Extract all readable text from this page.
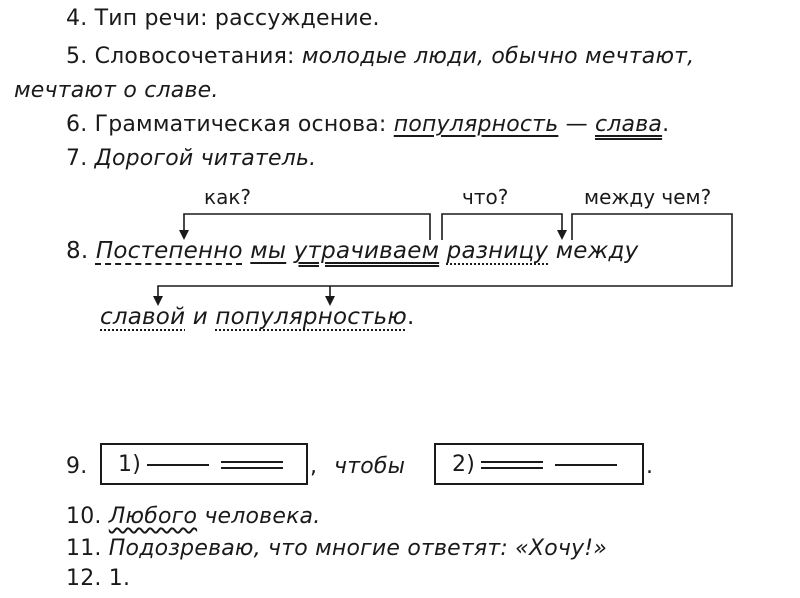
4. Тип речи: рассуждение.
5. Словосочетания: молодые люди, обычно мечтают,
мечтают о славе.
6. Грамматическая основа: популярность — слава.
7. Дорогой читатель.
как?	что?	между чем?
8. Постепенно мы утрачиваем разницу между
славой и популярностью.
9. 1)	, чтобы 2)	.
10. Любого человека.
11. Подозреваю, что многие ответят: «Хочу!»
12. 1.
